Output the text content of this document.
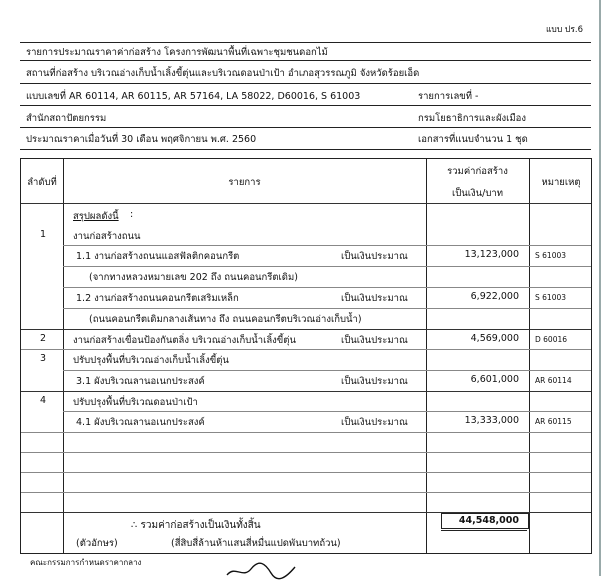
แบบ ปร.6
รายการประมาณราคาค่าก่อสร้าง โครงการพัฒนาพื้นที่เฉพาะชุมชนดอกไม้
สถานที่ก่อสร้าง บริเวณอ่างเก็บน้ำเลิ้งขี้ตุ่นและบริเวณดอนป่าเป้า อำเภอสุวรรณภูมิ จังหวัดร้อยเอ็ด
แบบเลขที่ AR 60114, AR 60115, AR 57164, LA 58022, D60016, S 61003	รายการเลขที่ -
สำนักสถาปัตยกรรม	กรมโยธาธิการและผังเมือง
ประมาณราคาเมื่อวันที่ 30 เดือน พฤศจิกายน พ.ศ. 2560	เอกสารที่แนบจำนวน 1 ชุด
ลำดับที่	รายการ
รวมค่าก่อสร้าง
เป็นเงิน/บาท
หมายเหตุ
สรุปผลดังนี้ :
1	งานก่อสร้างถนน
1.1 งานก่อสร้างถนนแอสฟัลติกคอนกรีต	เป็นเงินประมาณ	13,123,000 S 61003
(จากทางหลวงหมายเลข 202 ถึง ถนนคอนกรีตเดิม)
1.2 งานก่อสร้างถนนคอนกรีตเสริมเหล็ก	เป็นเงินประมาณ	6,922,000 S 61003
(ถนนคอนกรีตเดิมกลางเส้นทาง ถึง ถนนคอนกรีตบริเวณอ่างเก็บน้ำ)
2	งานก่อสร้างเขื่อนป้องกันตลิ่ง บริเวณอ่างเก็บน้ำเลิ้งขี้ตุ่น	เป็นเงินประมาณ	4,569,000 D 60016
3	ปรับปรุงพื้นที่บริเวณอ่างเก็บน้ำเลิ้งขี้ตุ่น
3.1 ผังบริเวณลานอเนกประสงค์	เป็นเงินประมาณ	6,601,000 AR 60114
4	ปรับปรุงพื้นที่บริเวณดอนป่าเป้า
4.1 ผังบริเวณลานอเนกประสงค์	เป็นเงินประมาณ	13,333,000 AR 60115
∴ รวมค่าก่อสร้างเป็นเงินทั้งสิ้น	44,548,000
(ตัวอักษร)	(สี่สิบสี่ล้านห้าแสนสี่หมื่นแปดพันบาทถ้วน)
คณะกรรมการกำหนดราคากลาง
